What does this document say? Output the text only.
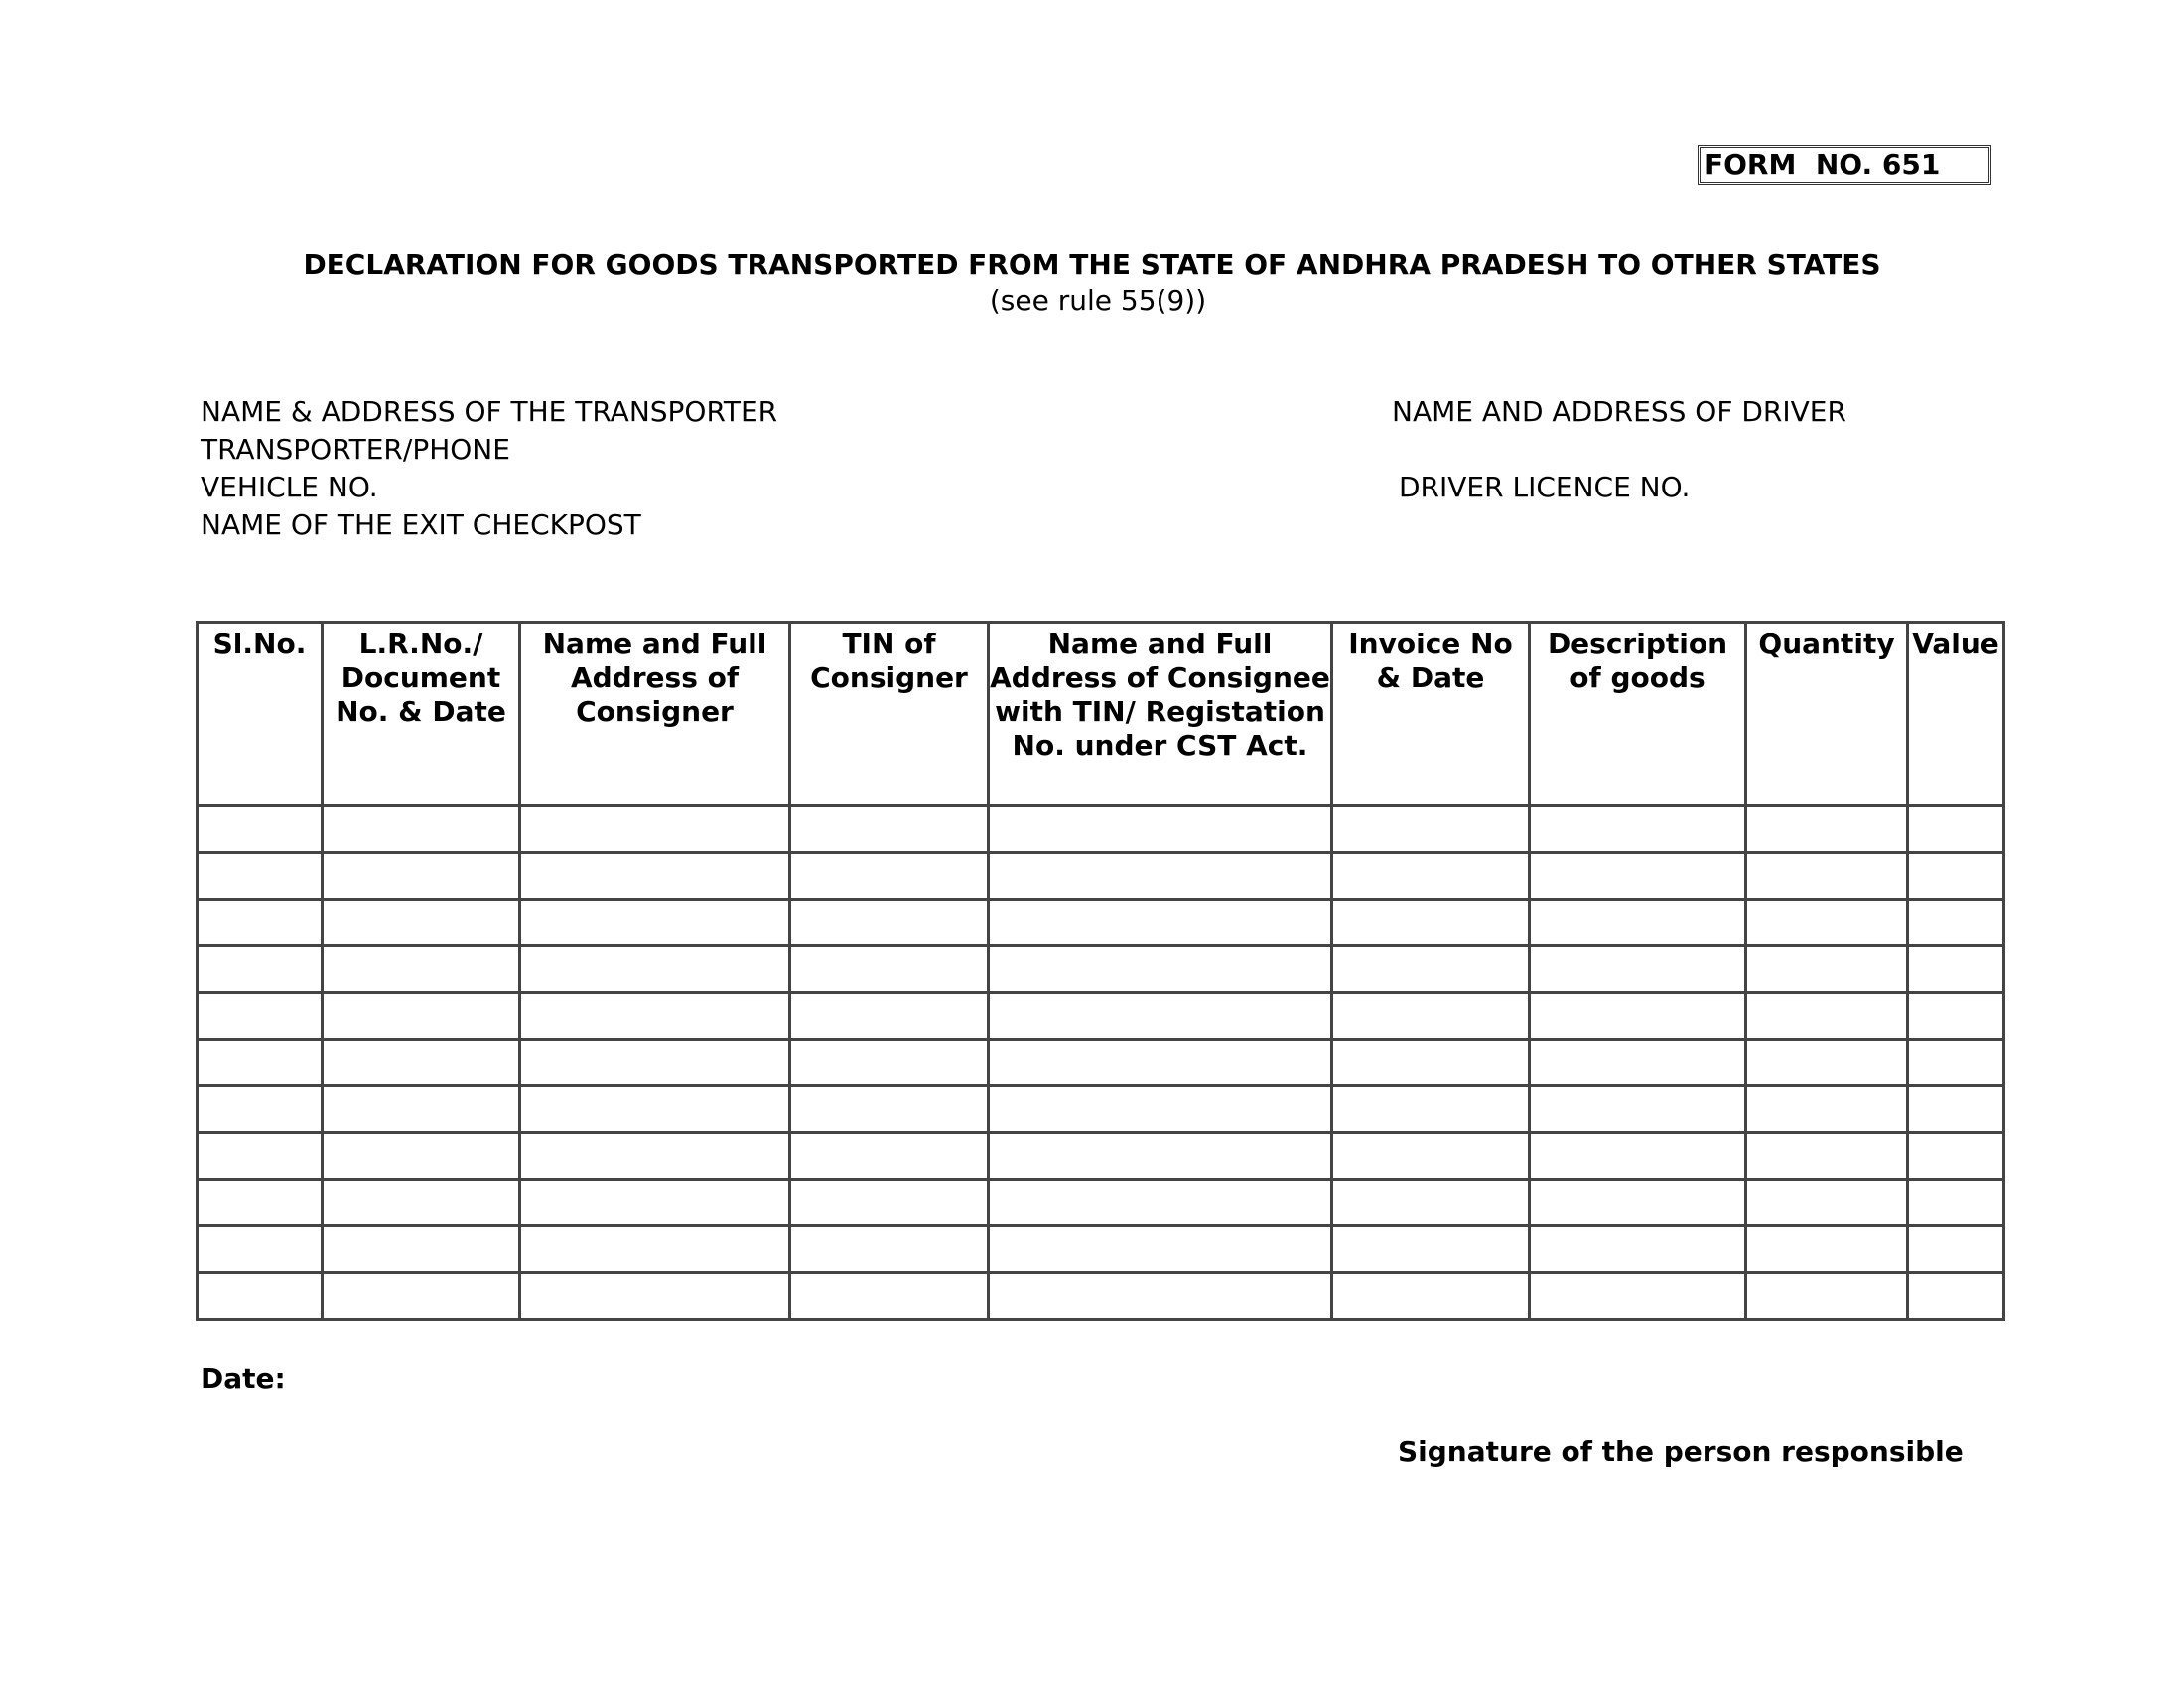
FORM  NO. 651
DECLARATION FOR GOODS TRANSPORTED FROM THE STATE OF ANDHRA PRADESH TO OTHER STATES
(see rule 55(9))
NAME & ADDRESS OF THE TRANSPORTER
TRANSPORTER/PHONE
VEHICLE NO.
NAME OF THE EXIT CHECKPOST
NAME AND ADDRESS OF DRIVER
DRIVER LICENCE NO.
Sl.No.	L.R.No./ Document No. & Date	Name and Full Address of Consigner	TIN of Consigner	Name and Full Address of Consignee with TIN/ Registation No. under CST Act.	Invoice No & Date	Description of goods	Quantity	Value

Date:
Signature of the person responsible
